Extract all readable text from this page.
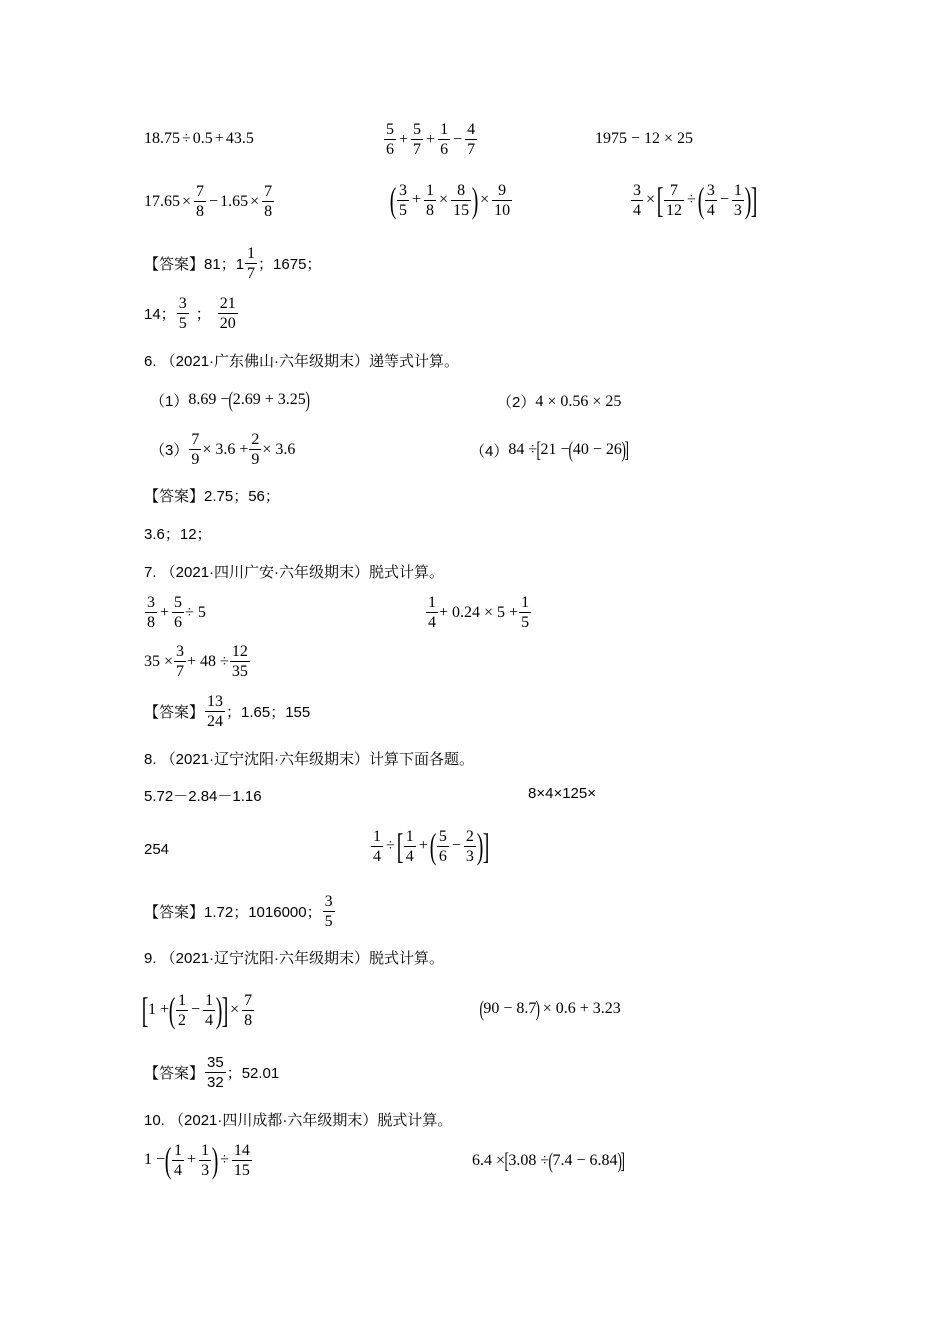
18.75 ÷ 0.5 + 43.5	$\frac{5}{6} + \frac{5}{7} + \frac{1}{6} - \frac{4}{7}$	1975 − 12 × 25
$17.65 \times \frac{7}{8} - 1.65 \times \frac{7}{8}$	( $\frac{3}{5} + \frac{1}{8} \times \frac{8}{15}$ ) × $\frac{9}{10}$	$\frac{3}{4}$ × [ $\frac{7}{12}$ ÷ ( $\frac{3}{4} - \frac{1}{3}$ ) ]
【答案】 81；$1 \frac{1}{7}$ ；1675；
14； $\frac{3}{5}$ ； $\frac{21}{20}$
6. （2021·广东佛山·六年级期末）递等式计算。
（1） 8.69 − ( 2.69 + 3.25 )	（2） 4 × 0.56 × 25
$(3) \frac{7}{9} \times 3.6 + \frac{2}{9} \times 3.6$	（4） 84 ÷ [ 21 − ( 40 − 26 )
]
【答案】 2.75；56；
3.6；12；
7. （2021·四川广安·六年级期末）脱式计算。
$\frac{3}{8} + \frac{5}{6} \div 5$	$\frac{1}{4} + 0.24 \times 5 + \frac{1}{5}$
$35 \times \frac{3}{7} + 48 \div \frac{12}{35}$
【答案】 $\frac{13}{24}$ ；1.65；155
8. （2021·辽宁沈阳·六年级期末）计算下面各题。
5.72－2.84－1.16	8×4×125×
254	$\frac{1}{4}$ ÷ [ $\frac{1}{4}$ + ( $\frac{5}{6} - \frac{2}{3}$ ) ]
【答案】 1.72；1016000； $\frac{3}{5}$
9. （2021·辽宁沈阳·六年级期末）脱式计算。
[ 1 + ( $\frac{1}{2} - \frac{1}{4}$ ) ] × $\frac{7}{8}$	( 90 − 8.7 ) × 0.6 + 3.23
【答案】 $\frac{35}{32}$ ；52.01
10. （2021·四川成都·六年级期末）脱式计算。
1 − ( $\frac{1}{4} + \frac{1}{3}$ ) ÷ $\frac{14}{15}$	6.4 × [ 3.08 ÷ ( 7.4 − 6.84 )
]
